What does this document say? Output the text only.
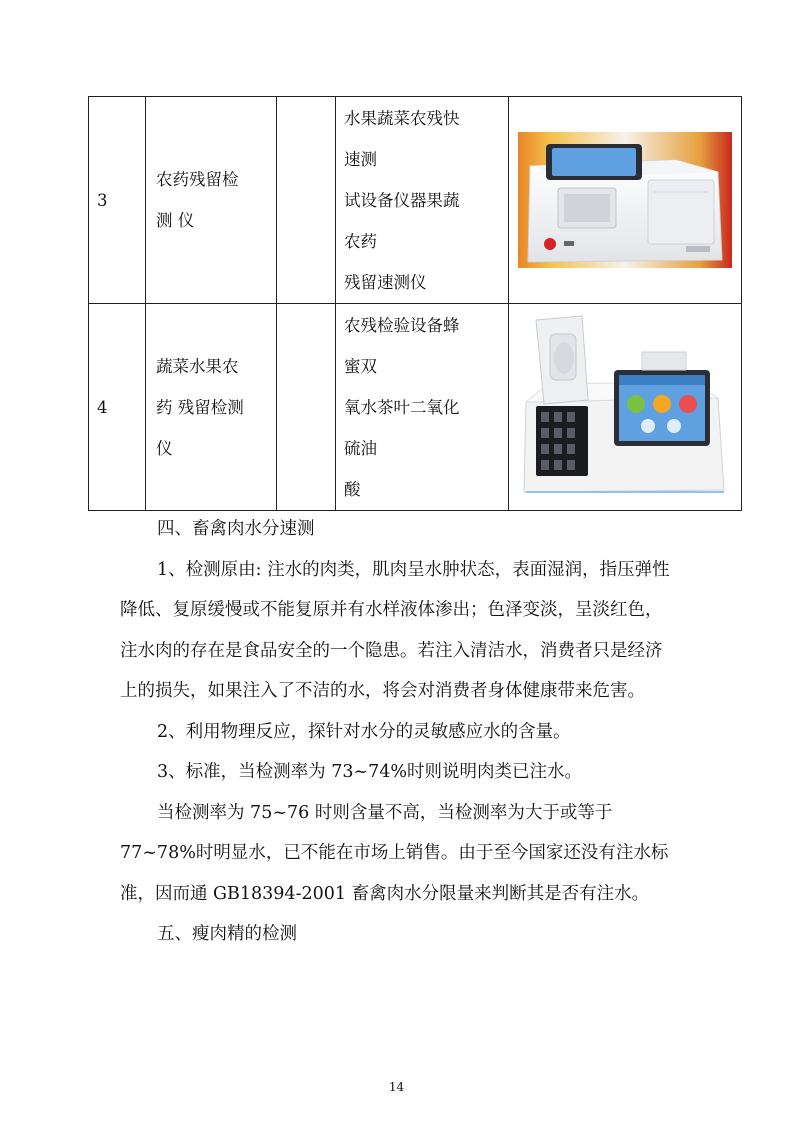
3	农药残留检
测 仪		水果蔬菜农残快
速测
试设备仪器果蔬
农药
残留速测仪

4	蔬菜水果农
药 残留检测
仪		农残检验设备蜂
蜜双
氧水茶叶二氧化
硫油
酸

四、畜禽肉水分速测

1、检测原由: 注水的肉类，肌肉呈水肿状态，表面湿润，指压弹性降低、复原缓慢或不能复原并有水样液体渗出；色泽变淡，呈淡红色，注水肉的存在是食品安全的一个隐患。若注入清洁水，消费者只是经济上的损失，如果注入了不洁的水，将会对消费者身体健康带来危害。

2、利用物理反应，探针对水分的灵敏感应水的含量。

3、标准，当检测率为 73~74%时则说明肉类已注水。

当检测率为 75~76 时则含量不高，当检测率为大于或等于

77~78%时明显水，已不能在市场上销售。由于至今国家还没有注水标准，因而通 GB18394-2001 畜禽肉水分限量来判断其是否有注水。

五、瘦肉精的检测

14
